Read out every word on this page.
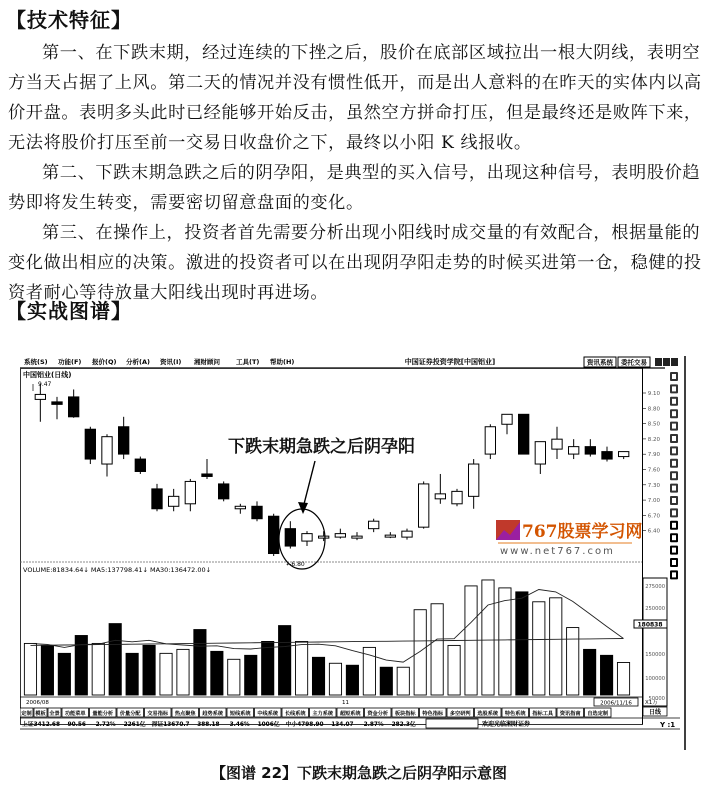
【技术特征】

第一、在下跌末期，经过连续的下挫之后，股价在底部区域拉出一根大阴线，表明空方当天占据了上风。第二天的情况并没有惯性低开，而是出人意料的在昨天的实体内以高价开盘。表明多头此时已经能够开始反击，虽然空方拼命打压，但是最终还是败阵下来，无法将股价打压至前一交易日收盘价之下，最终以小阳 K 线报收。

第二、下跌末期急跌之后的阴孕阳，是典型的买入信号，出现这种信号，表明股价趋势即将发生转变，需要密切留意盘面的变化。

第三、在操作上，投资者首先需要分析出现小阳线时成交量的有效配合，根据量能的变化做出相应的决策。激进的投资者可以在出现阴孕阳走势的时候买进第一仓，稳健的投资者耐心等待放量大阳线出现时再进场。

【实战图谱】
系统(S) 功能(F) 报价(Q) 分析(A) 资讯(I) 湘财顾问 工具(T) 帮助(H)	中国证券投资学院[中国铝业]	资讯系统 委托交易
中国铝业(日线)
9.10
8.80
8.50
8.20
7.90
7.60
7.30
7.00
6.70
6.40
9.47
←6.80
下跌末期急跌之后阴孕阳
767股票学习网
www.net767.com
VOLUME:81834.64↓ MA5:137798.41↓ MA30:136472.00↓
275000
250000
150000
100000
50000
180838
X1万
2006/08	11	2006/11/16
日线
定制 模板 全景 功能菜单 量能分析 价量分配 交易指标 热点聚焦 趋势系统 短线系统 中线系统 长线系统 主力系统 超短系统 资金分析 板块指标 特色指标 多空研判 选股系统 特色系统 指标工具 资讯指南 自选定制
上证3412.68 90.56 2.72% 2261亿 深证13670.7 388.18 3.46% 1006亿 中小4798.90 134.07 2.87% 282.3亿	欢迎光临湘财证券	Y :1
【图谱 22】下跌末期急跌之后阴孕阳示意图
